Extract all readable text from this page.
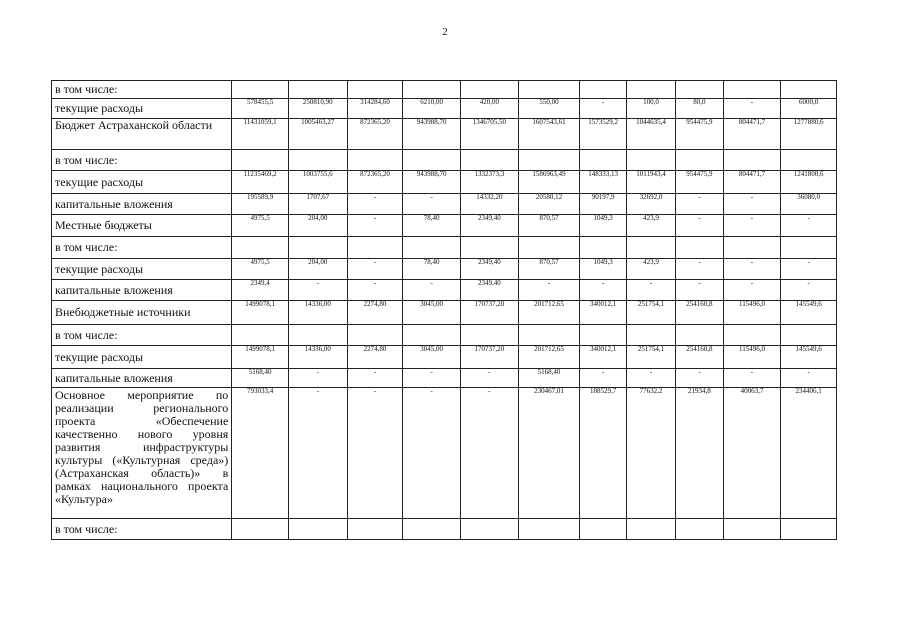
2
в том числе:											
текущие расходы	578455,5	250810,90	314284,60	6210,00	420,00	550,00	-	100,0	80,0	-	6000,0
Бюджет Астраханской области	11431059,1	1005463,27	872365,20	943988,70	1346705,50	1607543,61	1573529,2	1044635,4	954475,9	804471,7	1277880,6
в том числе:											
текущие расходы	11235469,2	1003755,6	872365,20	943988,70	1332373,3	1586963,49	148333,13	1011943,4	954475,9	804471,7	1241800,6
капитальные вложения	195589,9	1707,67	-	-	14332,20	20580,12	90197,9	32692,0	-	-	36080,0
Местные бюджеты	4975,5	204,00	-	78,40	2349,40	870,57	1049,3	423,9	-	-	-
в том числе:											
текущие расходы	4975,5	204,00	-	78,40	2349,40	870,57	1049,3	423,9	-	-	-
капитальные вложения	2349,4	-	-	-	2349,40	-	-	-	-	-	-
Внебюджетные источники	1499078,1	14336,00	2274,80	3045,00	170737,20	201712,65	340012,1	251754,1	254160,8	115496,0	145549,6
в том числе:											
текущие расходы	1499078,1	14336,00	2274,80	3045,00	170737,20	201712,65	340012,1	251754,1	254160,8	115496,0	145549,6
капитальные вложения	5168,40	-	-	-	-	5168,40	-	-	-	-	-
Основное мероприятие по реализации регионального проекта «Обеспечение качественно нового уровня развития инфраструктуры культуры («Культурная среда») (Астраханская область)» в рамках национального проекта «Культура»	793033,4	-	-	-	-	230467,01	188529,7	77632,2	21934,8	40063,7	234406,1
в том числе:											
